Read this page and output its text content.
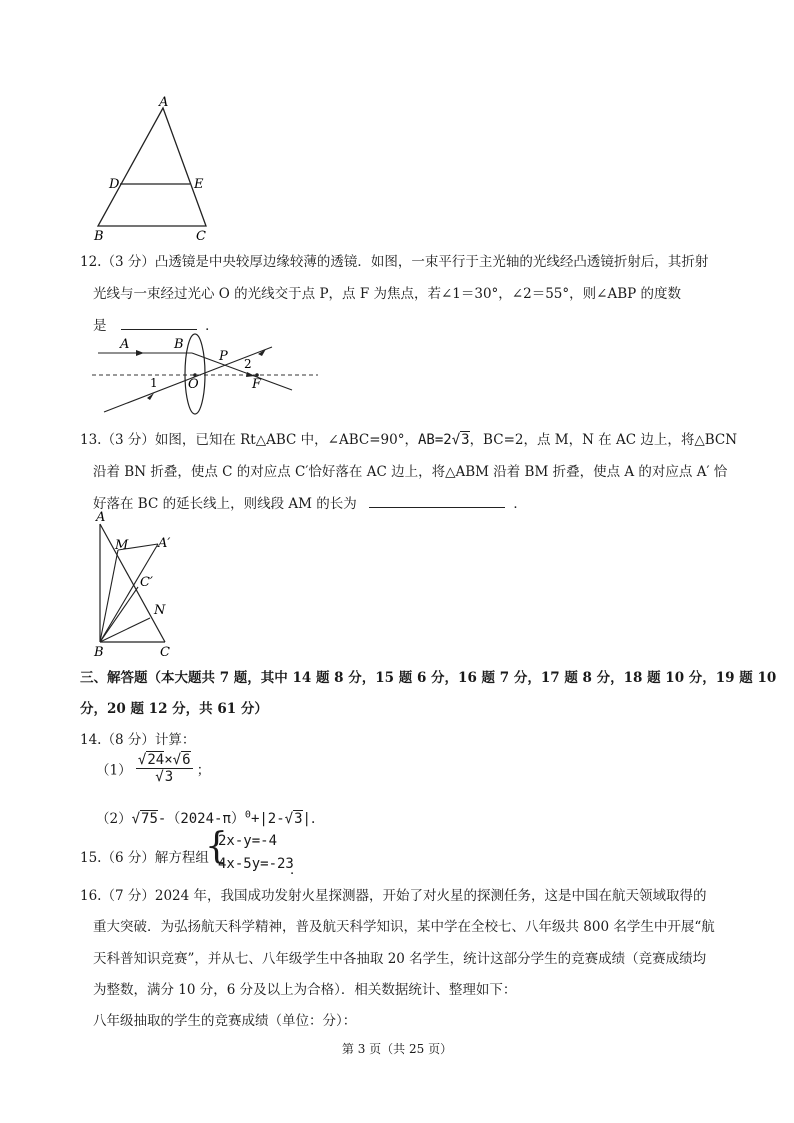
A
D	E
B	C
12.（3 分）凸透镜是中央较厚边缘较薄的透镜．如图，一束平行于主光轴的光线经凸透镜折射后，其折射
光线与一束经过光心 O 的光线交于点 P，点 F 为焦点，若∠1＝30°，∠2＝55°，则∠ABP 的度数
是	．
A	B
P 2
O	F
1
13.（3 分）如图，已知在 Rt△ABC 中，∠ABC=90°，AB=2√3，BC=2，点 M，N 在 AC 边上，将△BCN
沿着 BN 折叠，使点 C 的对应点 C′恰好落在 AC 边上，将△ABM 沿着 BM 折叠，使点 A 的对应点 A′ 恰
好落在 BC 的延长线上，则线段 AM 的长为	．
A
M A′
C′
N
B	C
三、解答题（本大题共 7 题，其中 14 题 8 分，15 题 6 分，16 题 7 分，17 题 8 分，18 题 10 分，19 题 10
分，20 题 12 分，共 61 分）
14.（8 分）计算：
$(1) \frac{√24\times√6}{√3}$ ；
$(2)√75-(2024-\pi)^0+|2-√3|$．
15.（6 分）解方程组
{
2x-y=-4
4x-5y=-23
．
16.（7 分）2024 年，我国成功发射火星探测器，开始了对火星的探测任务，这是中国在航天领域取得的
重大突破．为弘扬航天科学精神，普及航天科学知识，某中学在全校七、八年级共 800 名学生中开展“航
天科普知识竞赛”，并从七、八年级学生中各抽取 20 名学生，统计这部分学生的竞赛成绩（竞赛成绩均
为整数，满分 10 分，6 分及以上为合格）．相关数据统计、整理如下：
八年级抽取的学生的竞赛成绩（单位：分）：
第 3 页（共 25 页）
